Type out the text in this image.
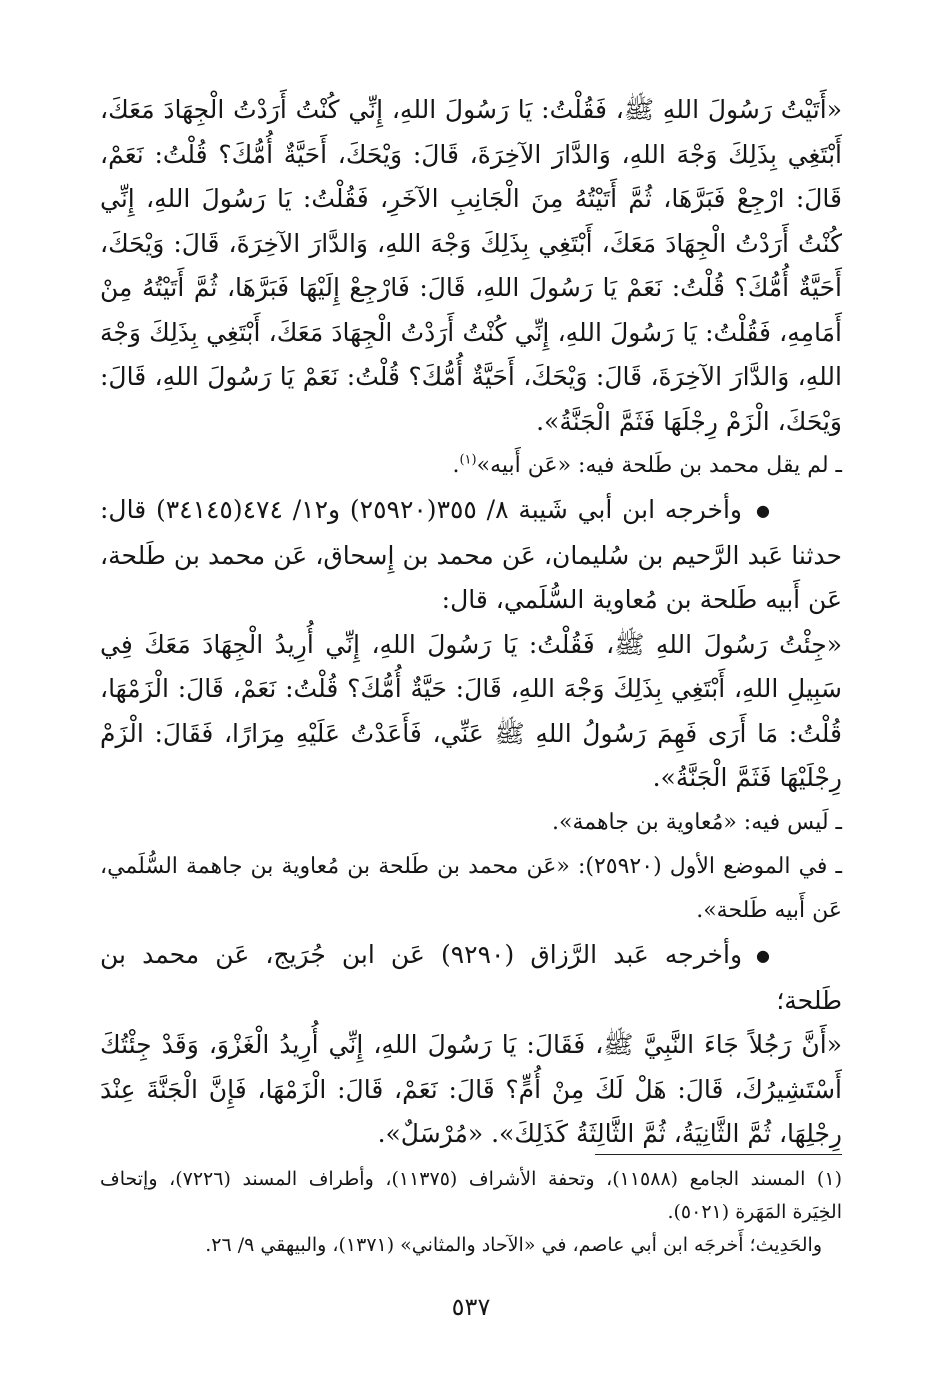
«أَتَيْتُ رَسُولَ اللهِ ﷺ، فَقُلْتُ: يَا رَسُولَ اللهِ، إِنِّي كُنْتُ أَرَدْتُ الْجِهَادَ مَعَكَ، أَبْتَغِي بِذَلِكَ وَجْهَ اللهِ، وَالدَّارَ الآخِرَةَ، قَالَ: وَيْحَكَ، أَحَيَّةٌ أُمُّكَ؟ قُلْتُ: نَعَمْ، قَالَ: ارْجِعْ فَبَرَّهَا، ثُمَّ أَتَيْتُهُ مِنَ الْجَانِبِ الآخَرِ، فَقُلْتُ: يَا رَسُولَ اللهِ، إِنِّي كُنْتُ أَرَدْتُ الْجِهَادَ مَعَكَ، أَبْتَغِي بِذَلِكَ وَجْهَ اللهِ، وَالدَّارَ الآخِرَةَ، قَالَ: وَيْحَكَ، أَحَيَّةٌ أُمُّكَ؟ قُلْتُ: نَعَمْ يَا رَسُولَ اللهِ، قَالَ: فَارْجِعْ إِلَيْهَا فَبَرَّهَا، ثُمَّ أَتَيْتُهُ مِنْ أَمَامِهِ، فَقُلْتُ: يَا رَسُولَ اللهِ، إِنِّي كُنْتُ أَرَدْتُ الْجِهَادَ مَعَكَ، أَبْتَغِي بِذَلِكَ وَجْهَ اللهِ، وَالدَّارَ الآخِرَةَ، قَالَ: وَيْحَكَ، أَحَيَّةٌ أُمُّكَ؟ قُلْتُ: نَعَمْ يَا رَسُولَ اللهِ، قَالَ: وَيْحَكَ، الْزَمْ رِجْلَهَا فَثَمَّ الْجَنَّةُ».

ـ لم يقل محمد بن طَلحة فيه: «عَن أَبيه»$^{(١)}$.

●وأخرجه ابن أبي شَيبة ٨/ ٣٥٥(٢٥٩٢٠) و١٢/ ٤٧٤(٣٤١٤٥) قال: حدثنا عَبد الرَّحيم بن سُليمان، عَن محمد بن إِسحاق، عَن محمد بن طَلحة، عَن أَبيه طَلحة بن مُعاوية السُّلَمي، قال:

«جِئْتُ رَسُولَ اللهِ ﷺ، فَقُلْتُ: يَا رَسُولَ اللهِ، إِنِّي أُرِيدُ الْجِهَادَ مَعَكَ فِي سَبِيلِ اللهِ، أَبْتَغِي بِذَلِكَ وَجْهَ اللهِ، قَالَ: حَيَّةٌ أُمُّكَ؟ قُلْتُ: نَعَمْ، قَالَ: الْزَمْهَا، قُلْتُ: مَا أَرَى فَهِمَ رَسُولُ اللهِ ﷺ عَنِّي، فَأَعَدْتُ عَلَيْهِ مِرَارًا، فَقَالَ: الْزَمْ رِجْلَيْهَا فَثَمَّ الْجَنَّةُ».

ـ لَيس فيه: «مُعاوية بن جاهمة».

ـ في الموضع الأول (٢٥٩٢٠): «عَن محمد بن طَلحة بن مُعاوية بن جاهمة السُّلَمي، عَن أَبيه طَلحة».

●وأخرجه عَبد الرَّزاق (٩٢٩٠) عَن ابن جُرَيج، عَن محمد بن طَلحة؛

«أَنَّ رَجُلاً جَاءَ النَّبِيَّ ﷺ، فَقَالَ: يَا رَسُولَ اللهِ، إِنِّي أُرِيدُ الْغَزْوَ، وَقَدْ جِئْتُكَ أَسْتَشِيرُكَ، قَالَ: هَلْ لَكَ مِنْ أُمٍّ؟ قَالَ: نَعَمْ، قَالَ: الْزَمْهَا، فَإِنَّ الْجَنَّةَ عِنْدَ رِجْلِهَا، ثُمَّ الثَّانِيَةُ، ثُمَّ الثَّالِثَةُ كَذَلِكَ». «مُرْسَلٌ».

(١) المسند الجامع (١١٥٨٨)، وتحفة الأشراف (١١٣٧٥)، وأطراف المسند (٧٢٢٦)، وإتحاف الخِيَرة المَهَرة (٥٠٢١).

والحَدِيث؛ أَخرجَه ابن أبي عاصم، في «الآحاد والمثاني» (١٣٧١)، والبيهقي ٩/ ٢٦.

٥٣٧
